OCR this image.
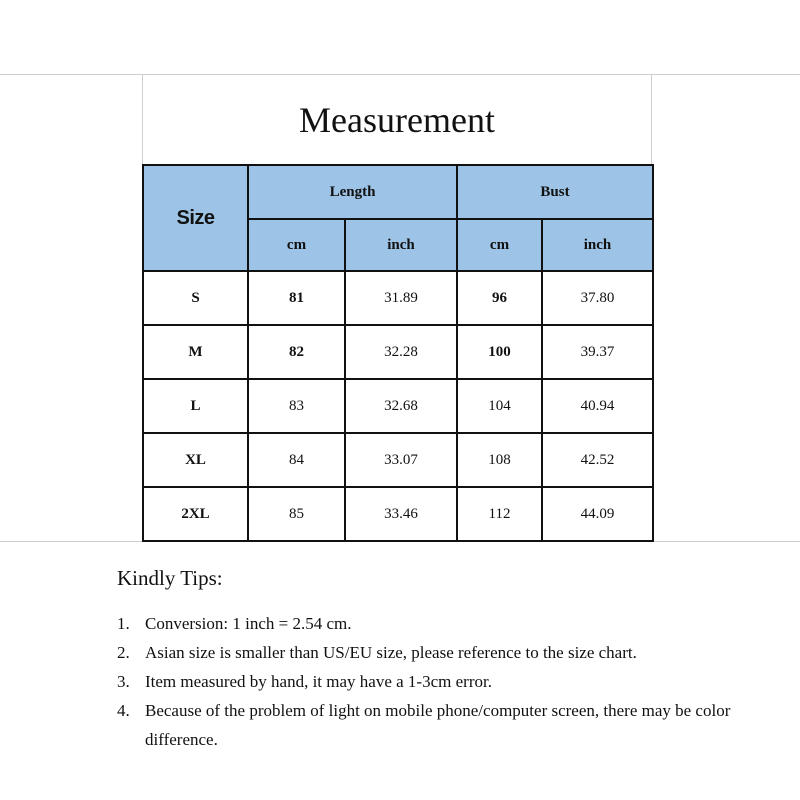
Measurement
Size	Length		Bust	
	cm	inch	cm	inch
S	81	31.89	96	37.80
M	82	32.28	100	39.37
L	83	32.68	104	40.94
XL	84	33.07	108	42.52
2XL	85	33.46	112	44.09
Kindly Tips:
1. Conversion: 1 inch = 2.54 cm.
2. Asian size is smaller than US/EU size, please reference to the size chart.
3. Item measured by hand, it may have a 1-3cm error.
4. Because of the problem of light on mobile phone/computer screen, there may be color difference.
